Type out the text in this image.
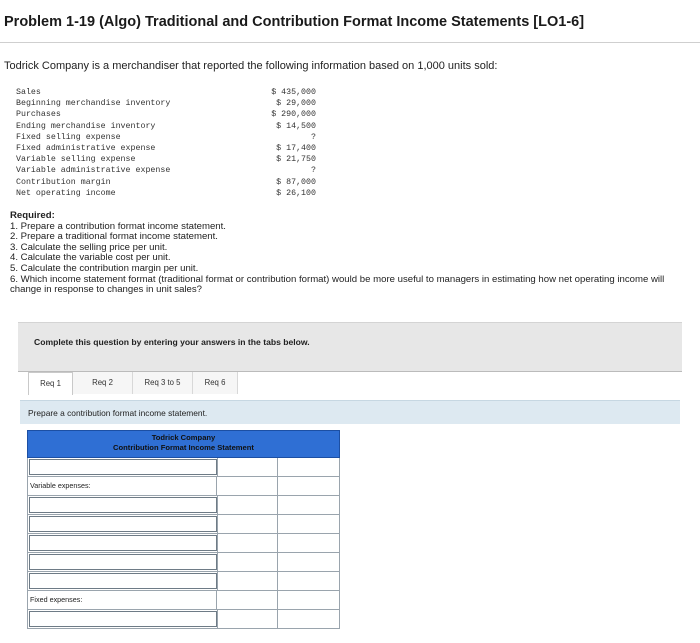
Problem 1-19 (Algo) Traditional and Contribution Format Income Statements [LO1-6]
Todrick Company is a merchandiser that reported the following information based on 1,000 units sold:
Sales	$ 435,000
Beginning merchandise inventory	$ 29,000
Purchases	$ 290,000
Ending merchandise inventory	$ 14,500
Fixed selling expense	?
Fixed administrative expense	$ 17,400
Variable selling expense	$ 21,750
Variable administrative expense	?
Contribution margin	$ 87,000
Net operating income	$ 26,100
Required:
1. Prepare a contribution format income statement.
2. Prepare a traditional format income statement.
3. Calculate the selling price per unit.
4. Calculate the variable cost per unit.
5. Calculate the contribution margin per unit.
6. Which income statement format (traditional format or contribution format) would be more useful to managers in estimating how net operating income will change in response to changes in unit sales?
Complete this question by entering your answers in the tabs below.
Req 1	Req 2	Req 3 to 5	Req 6
Prepare a contribution format income statement.
Todrick Company
Contribution Format Income Statement
Variable expenses:
Fixed expenses:
